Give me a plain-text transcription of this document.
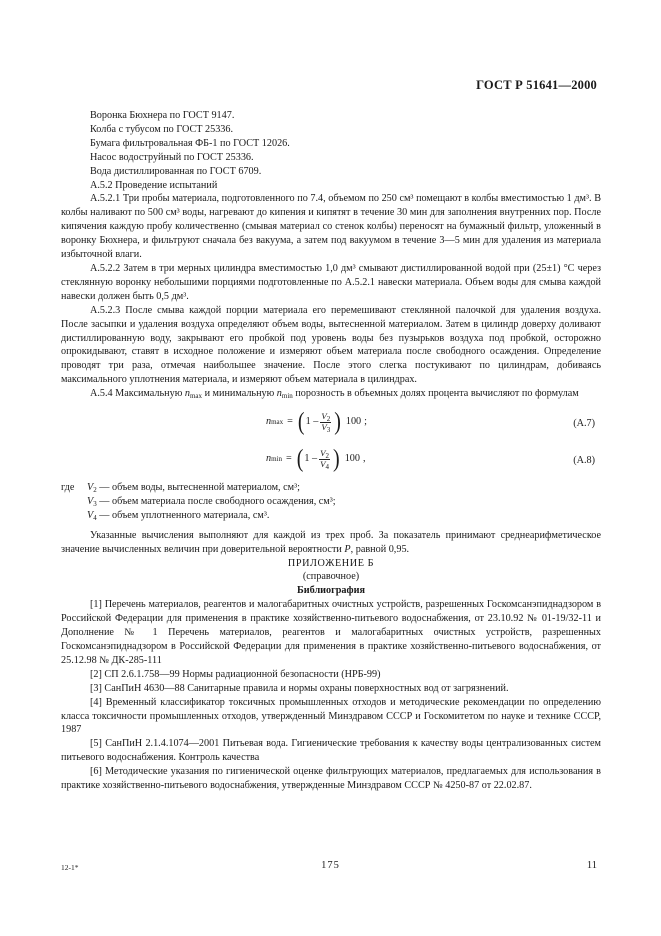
ГОСТ Р 51641—2000

Воронка Бюхнера по ГОСТ 9147.

Колба с тубусом по ГОСТ 25336.

Бумага фильтровальная ФБ-1 по ГОСТ 12026.

Насос водоструйный по ГОСТ 25336.

Вода дистиллированная по ГОСТ 6709.

A.5.2 Проведение испытаний

А.5.2.1 Три пробы материала, подготовленного по 7.4, объемом по 250 см³ помещают в колбы вместимостью 1 дм³. В колбы наливают по 500 см³ воды, нагревают до кипения и кипятят в течение 30 мин для заполнения внутренних пор. После кипячения каждую пробу количественно (смывая материал со стенок колбы) переносят на бумажный фильтр, уложенный в воронку Бюхнера, и фильтруют сначала без вакуума, а затем под вакуумом в течение 3—5 мин для удаления из материала избыточной влаги.

А.5.2.2 Затем в три мерных цилиндра вместимостью 1,0 дм³ смывают дистиллированной водой при (25±1) °С через стеклянную воронку небольшими порциями подготовленные по А.5.2.1 навески материала. Объем воды для смыва каждой навески должен быть 0,5 дм³.

А.5.2.3 После смыва каждой порции материала его перемешивают стеклянной палочкой для удаления воздуха. После засыпки и удаления воздуха определяют объем воды, вытесненной материалом. Затем в цилиндр доверху доливают дистиллированную воду, закрывают его пробкой под уровень воды без пузырьков воздуха под пробкой, осторожно опрокидывают, ставят в исходное положение и измеряют объем материала после свободного осаждения. Определение проводят три раза, отмечая наибольшее значение. После этого слегка постукивают по цилиндрам, добиваясь максимального уплотнения материала, и измеряют объем материала в цилиндрах.

А.5.4 Максимальную $n_{max}$ и минимальную $n_{min}$ порозность в объемных долях процента вычисляют по формулам

n max = ( $1 - \frac{V_2}{V_3}$ ) 100 ;	(А.7)
n min = ( $1 - \frac{V_2}{V_4}$ ) 100 ,	(А.8)
где	$V_2$ — объем воды, вытесненной материалом, см³;
$V_3$ — объем материала после свободного осаждения, см³;
$V_4$ — объем уплотненного материала, см³.

Указанные вычисления выполняют для каждой из трех проб. За показатель принимают среднеарифметическое значение вычисленных величин при доверительной вероятности P, равной 0,95.

ПРИЛОЖЕНИЕ Б

(справочное)

Библиография

[1] Перечень материалов, реагентов и малогабаритных очистных устройств, разрешенных Госкомсанэпиднадзором в Российской Федерации для применения в практике хозяйственно-питьевого водоснабжения, от 23.10.92 № 01-19/32-11 и Дополнение № 1 Перечень материалов, реагентов и малогабаритных очистных устройств, разрешенных Госкомсанэпиднадзором в Российской Федерации для применения в практике хозяйственно-питьевого водоснабжения, от 25.12.98 № ДК-285-111

[2] СП 2.6.1.758—99 Нормы радиационной безопасности (НРБ-99)

[3] СанПиН 4630—88 Санитарные правила и нормы охраны поверхностных вод от загрязнений.

[4] Временный классификатор токсичных промышленных отходов и методические рекомендации по определению класса токсичности промышленных отходов, утвержденный Минздравом СССР и Госкомитетом по науке и технике СССР, 1987

[5] СанПиН 2.1.4.1074—2001 Питьевая вода. Гигиенические требования к качеству воды централизованных систем питьевого водоснабжения. Контроль качества

[6] Методические указания по гигиенической оценке фильтрующих материалов, предлагаемых для использования в практике хозяйственно-питьевого водоснабжения, утвержденные Минздравом СССР № 4250-87 от 22.02.87.

12-1*	175	11
